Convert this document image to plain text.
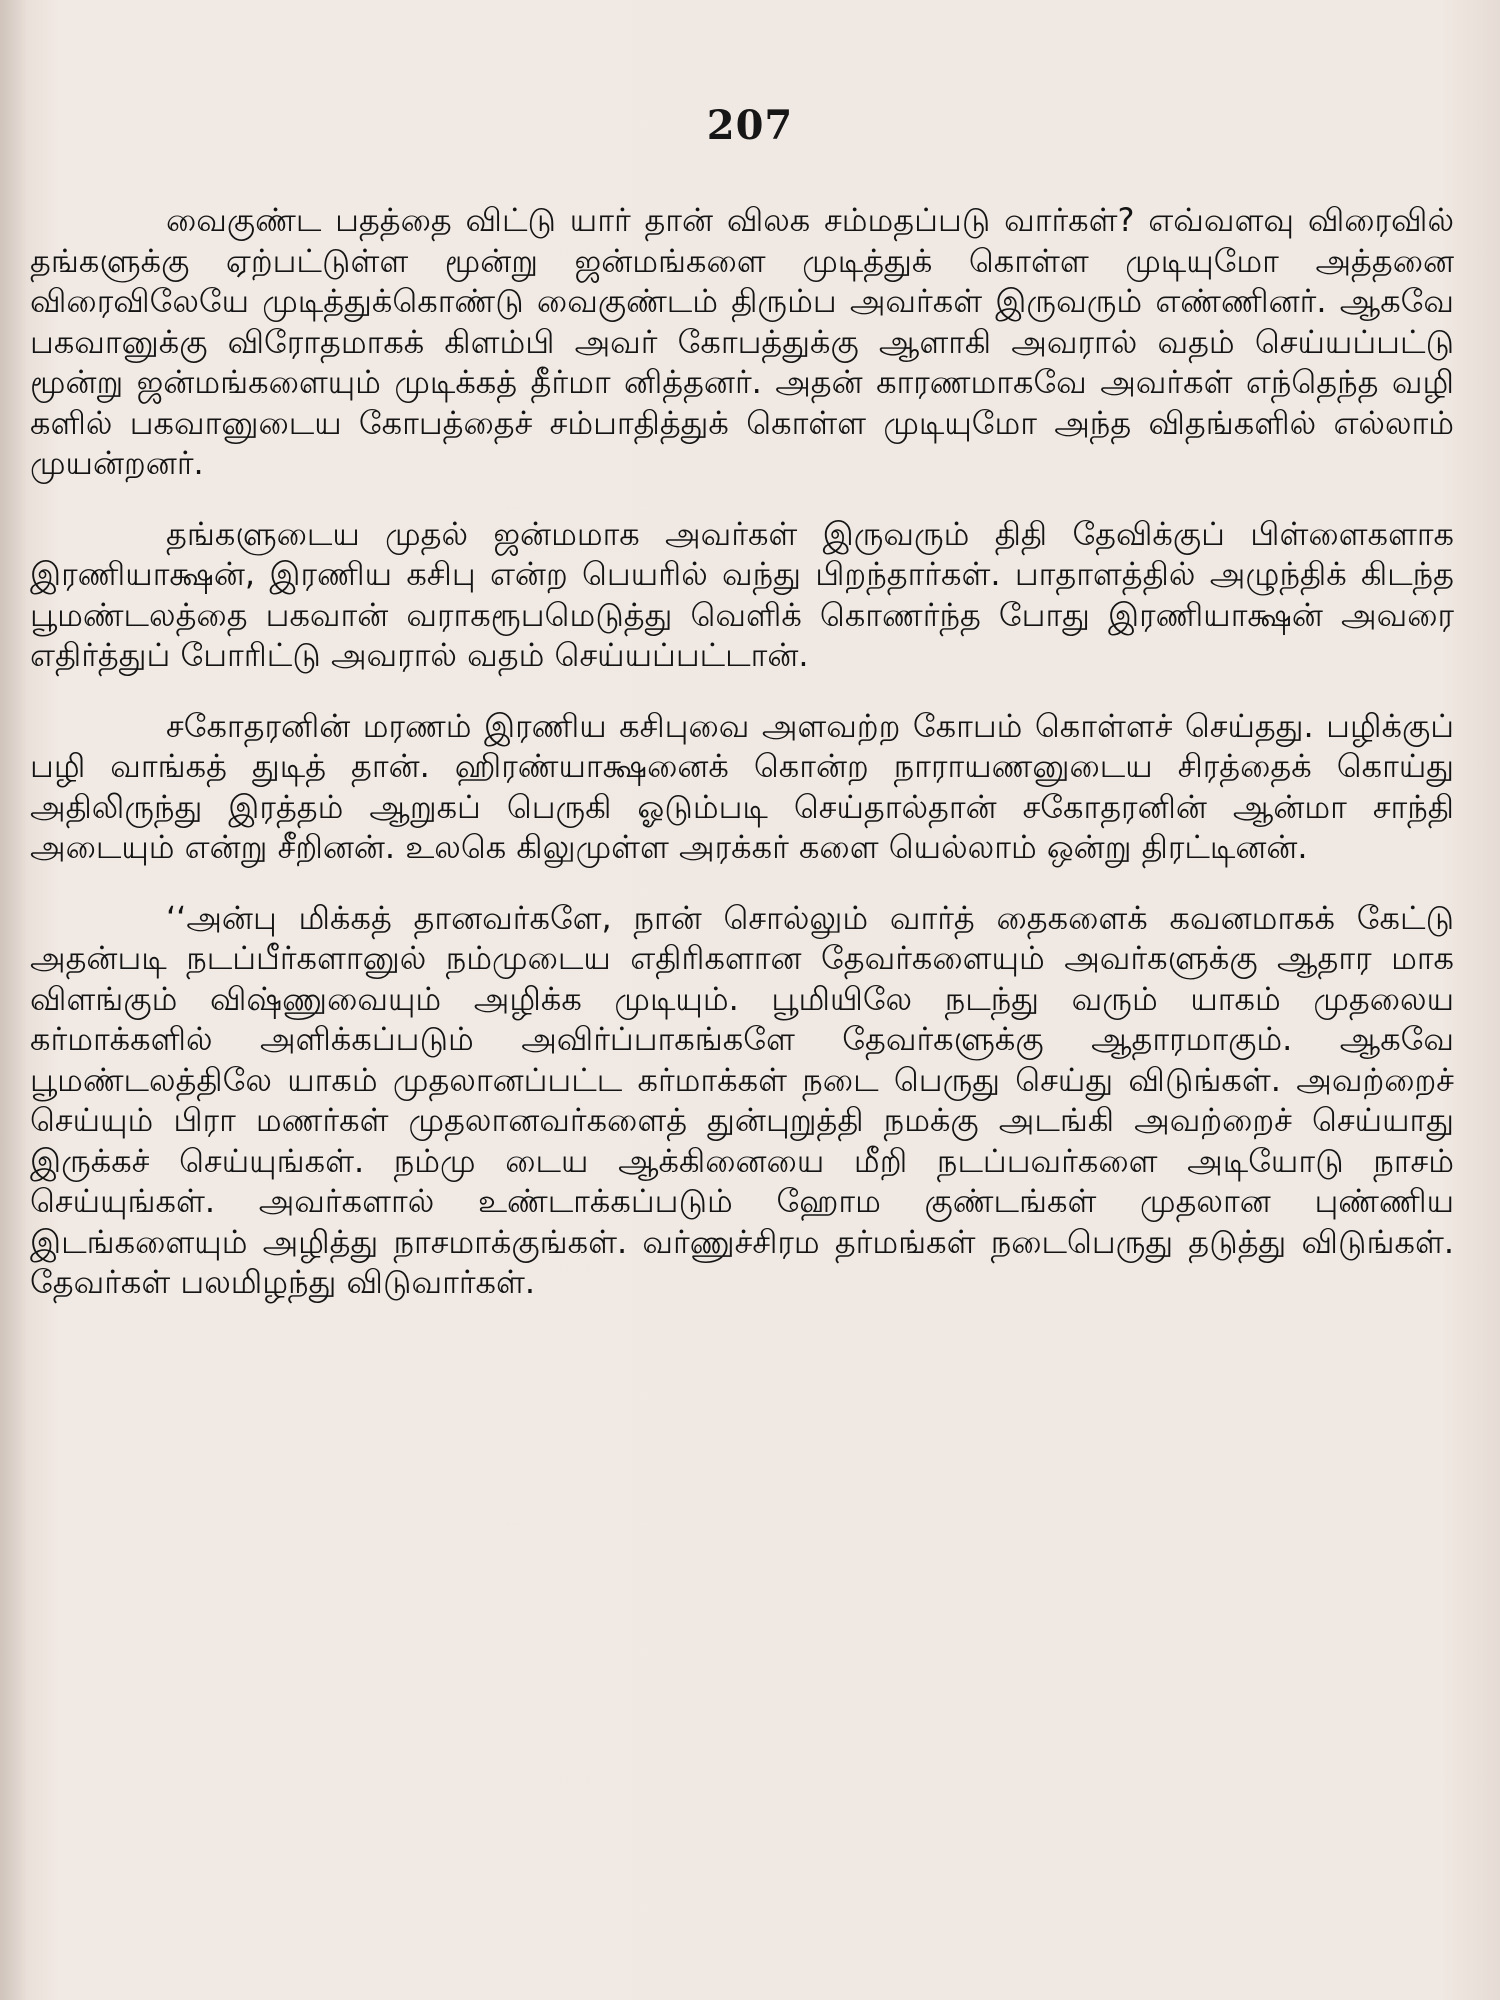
207

வைகுண்ட பதத்தை விட்டு யார் தான் விலக சம்மதப்படு வார்கள்? எவ்வளவு விரைவில் தங்களுக்கு ஏற்பட்டுள்ள மூன்று ஜன்மங்களை முடித்துக் கொள்ள முடியுமோ அத்தனை விரைவிலேயே முடித்துக்கொண்டு வைகுண்டம் திரும்ப அவர்கள் இருவரும் எண்ணினர். ஆகவே பகவானுக்கு விரோதமாகக் கிளம்பி அவர் கோபத்துக்கு ஆளாகி அவரால் வதம் செய்யப்பட்டு மூன்று ஜன்மங்களையும் முடிக்கத் தீர்மா னித்தனர். அதன் காரணமாகவே அவர்கள் எந்தெந்த வழி களில் பகவானுடைய கோபத்தைச் சம்பாதித்துக் கொள்ள முடியுமோ அந்த விதங்களில் எல்லாம் முயன்றனர்.

தங்களுடைய முதல் ஜன்மமாக அவர்கள் இருவரும் திதி தேவிக்குப் பிள்ளைகளாக இரணியாக்ஷன், இரணிய கசிபு என்ற பெயரில் வந்து பிறந்தார்கள். பாதாளத்தில் அழுந்திக் கிடந்த பூமண்டலத்தை பகவான் வராகரூபமெடுத்து வெளிக் கொணர்ந்த போது இரணியாக்ஷன் அவரை எதிர்த்துப் போரிட்டு அவரால் வதம் செய்யப்பட்டான்.

சகோதரனின் மரணம் இரணிய கசிபுவை அளவற்ற கோபம் கொள்ளச் செய்தது. பழிக்குப் பழி வாங்கத் துடித் தான். ஹிரண்யாக்ஷனைக் கொன்ற நாராயணனுடைய சிரத்தைக் கொய்து அதிலிருந்து இரத்தம் ஆறுகப் பெருகி ஓடும்படி செய்தால்தான் சகோதரனின் ஆன்மா சாந்தி அடையும் என்று சீறினன். உலகெ கிலுமுள்ள அரக்கர் களை யெல்லாம் ஒன்று திரட்டினன்.

‘‘அன்பு மிக்கத் தானவர்களே, நான் சொல்லும் வார்த் தைகளைக் கவனமாகக் கேட்டு அதன்படி நடப்பீர்களானுல் நம்முடைய எதிரிகளான தேவர்களையும் அவர்களுக்கு ஆதார மாக விளங்கும் விஷ்ணுவையும் அழிக்க முடியும். பூமியிலே நடந்து வரும் யாகம் முதலைய கர்மாக்களில் அளிக்கப்படும் அவிர்ப்பாகங்களே தேவர்களுக்கு ஆதாரமாகும். ஆகவே பூமண்டலத்திலே யாகம் முதலானப்பட்ட கர்மாக்கள் நடை பெருது செய்து விடுங்கள். அவற்றைச் செய்யும் பிரா மணர்கள் முதலானவர்களைத் துன்புறுத்தி நமக்கு அடங்கி அவற்றைச் செய்யாது இருக்கச் செய்யுங்கள். நம்மு டைய ஆக்கினையை மீறி நடப்பவர்களை அடியோடு நாசம் செய்யுங்கள். அவர்களால் உண்டாக்கப்படும் ஹோம குண்டங்கள் முதலான புண்ணிய இடங்களையும் அழித்து நாசமாக்குங்கள். வர்ணுச்சிரம தர்மங்கள் நடைபெருது தடுத்து விடுங்கள். தேவர்கள் பலமிழந்து விடுவார்கள்.
